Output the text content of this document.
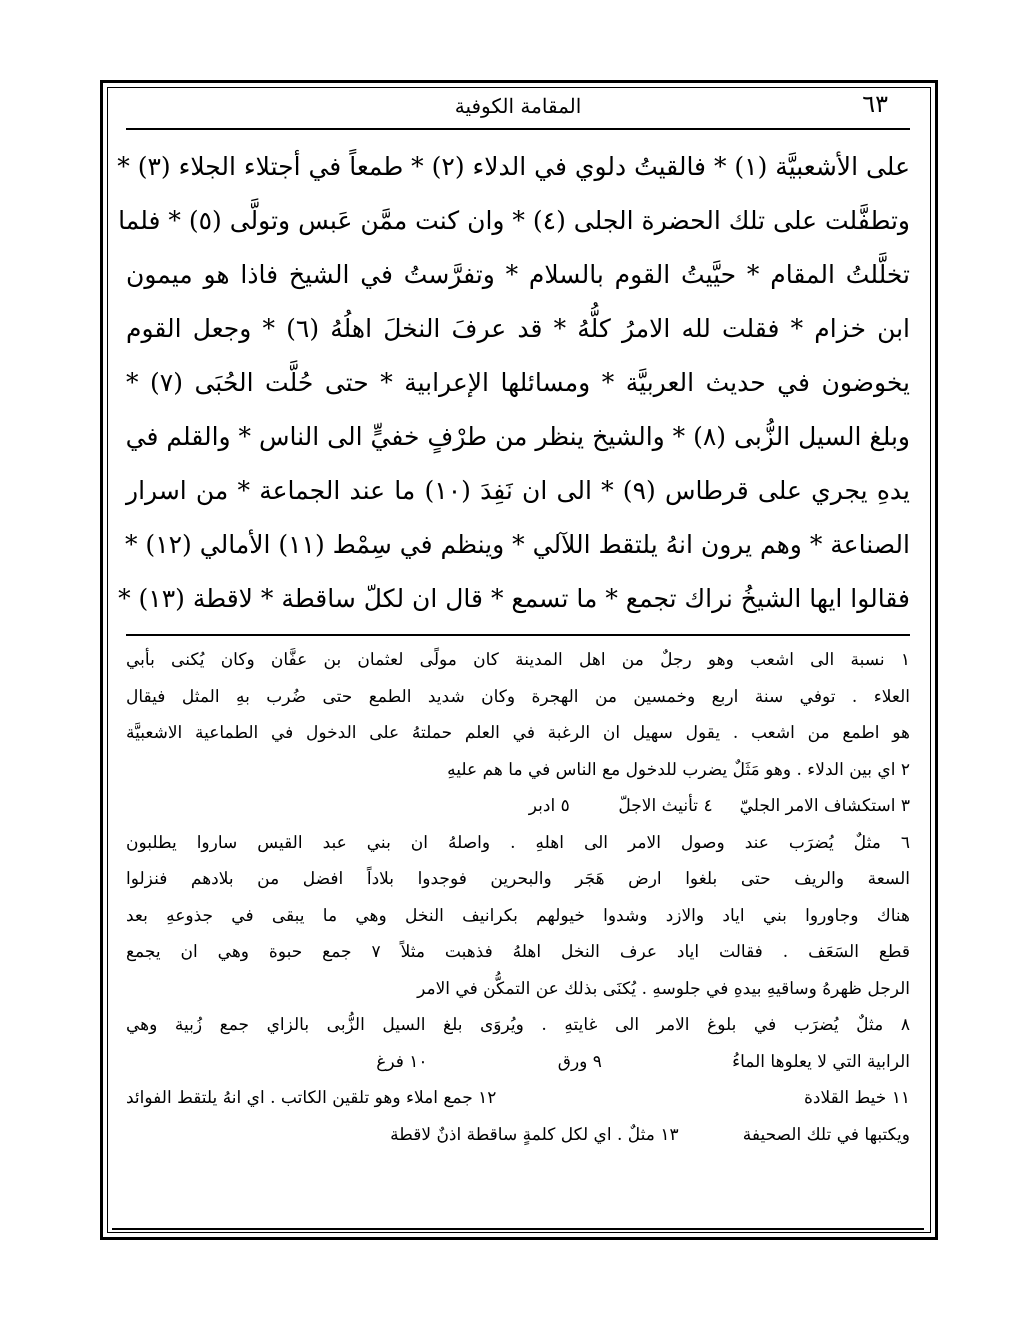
٦٣
المقامة الكوفية
على الأشعبيَّة (١) * فالقيتُ دلوي في الدلاء (٢) * طمعاً في أجتلاء الجلاء (٣) *
وتطفَّلت على تلك الحضرة الجلى (٤) * وان كنت ممَّن عَبس وتولَّى (٥) * فلما
تخلَّلتُ المقام * حيَّيتُ القوم بالسلام * وتفرَّستُ في الشيخ فاذا هو ميمون
ابن خزام * فقلت لله الامرُ كلُّهُ * قد عرفَ النخلَ اهلُهُ (٦) * وجعل القوم
يخوضون في حديث العربيَّة * ومسائلها الإعرابية * حتى حُلَّت الحُبَى (٧) *
وبلغ السيل الزُّبى (٨) * والشيخ ينظر من طرْفٍ خفيٍّ الى الناس * والقلم في
يدهِ يجري على قرطاس (٩) * الى ان نَفِدَ (١٠) ما عند الجماعة * من اسرار
الصناعة * وهم يرون انهُ يلتقط اللآلي * وينظم في سِمْط (١١) الأمالي (١٢) *
فقالوا ايها الشيخُ نراك تجمع * ما تسمع * قال ان لكلّ ساقطة * لاقطة (١٣) *
١ نسبة الى اشعب وهو رجلٌ من اهل المدينة كان مولًى لعثمان بن عفَّان وكان يُكنى بأبي
العلاء . توفي سنة اربع وخمسين من الهجرة وكان شديد الطمع حتى ضُرب بهِ المثل فيقال
هو اطمع من اشعب . يقول سهيل ان الرغبة في العلم حملتهُ على الدخول في الطماعية الاشعبيَّة
٢ اي بين الدلاء . وهو مَثَلٌ يضرب للدخول مع الناس في ما هم عليهِ
٣ استكشاف الامر الجليّ     ٤ تأنيث الاجلّ         ٥ ادبر
٦ مثلٌ يُضرَب عند وصول الامر الى اهلهِ . واصلهُ ان بني عبد القيس ساروا يطلبون
السعة والريف حتى بلغوا ارض هَجَر والبحرين فوجدوا بلاداً افضل من بلادهم فنزلوا
هناك وجاوروا بني اياد والازد وشدوا خيولهم بكرانيف النخل وهي ما يبقى في جذوعهِ بعد
قطع السَعَف . فقالت اياد عرف النخل اهلهُ فذهبت مثلاً ٧ جمع حبوة وهي ان يجمع
الرجل ظهرهُ وساقيهِ بيدهِ في جلوسهِ . يُكنَى بذلك عن التمكُّن في الامر
٨ مثلٌ يُضرَب في بلوغ الامر الى غايتهِ . ويُروَى بلغ السيل الزُّبى بالزاي جمع زُبية وهي
الرابية التي لا يعلوها الماءُ
٩ ورق
١٠ فرغ
١١ خيط القلادة
١٢ جمع املاء وهو تلقين الكاتب . اي انهُ يلتقط الفوائد
ويكتبها في تلك الصحيفة
١٣ مثلٌ . اي لكل كلمةٍ ساقطة اذنٌ لاقطة
